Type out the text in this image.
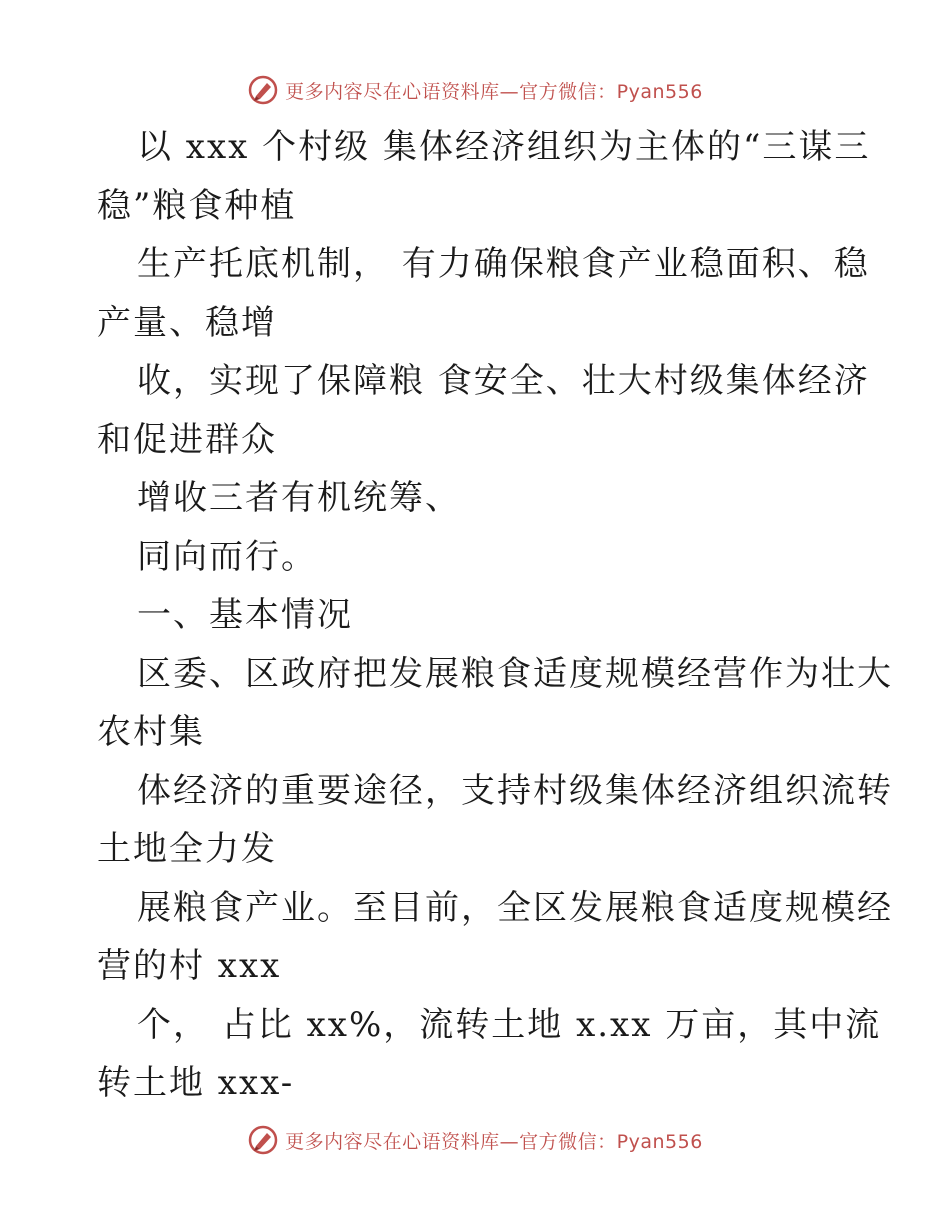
更多内容尽在心语资料库—官方微信：Pyan556
以 xxx 个村级 集体经济组织为主体的“三谋三
稳”粮食种植
生产托底机制， 有力确保粮食产业稳面积、稳
产量、稳增
收，实现了保障粮 食安全、壮大村级集体经济
和促进群众
增收三者有机统筹、
同向而行。
一、基本情况
区委、区政府把发展粮食适度规模经营作为壮大
农村集
体经济的重要途径，支持村级集体经济组织流转
土地全力发
展粮食产业。至目前，全区发展粮食适度规模经
营的村 xxx
个， 占比 xx%，流转土地 x.xx 万亩，其中流
转土地 xxx-
更多内容尽在心语资料库—官方微信：Pyan556
